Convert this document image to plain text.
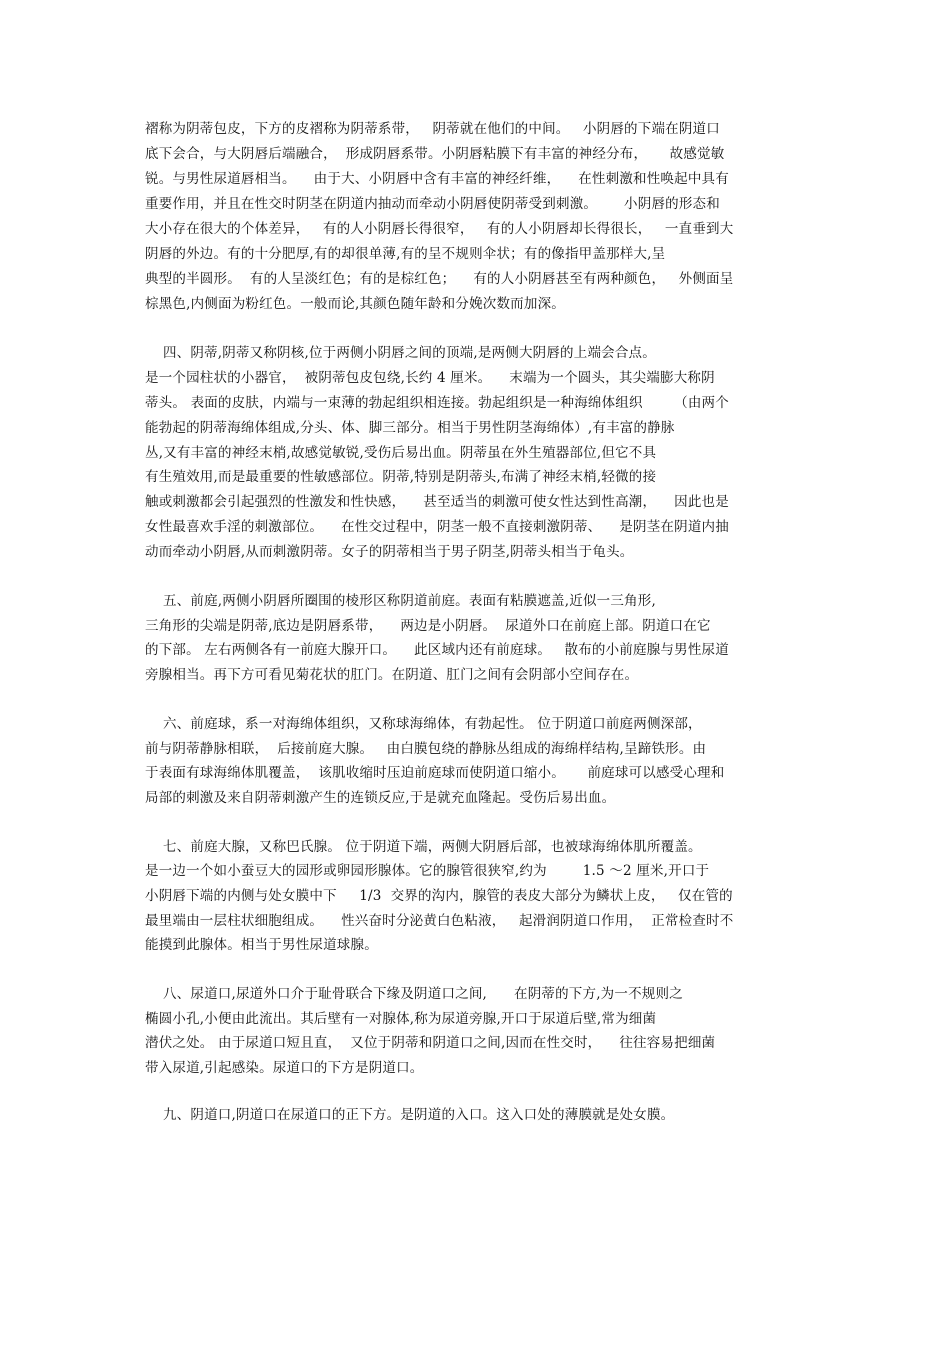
褶称为阴蒂包皮，下方的皮褶称为阴蒂系带，   阴蒂就在他们的中间。   小阴唇的下端在阴道口
底下会合，与大阴唇后端融合，  形成阴唇系带。小阴唇粘膜下有丰富的神经分布，     故感觉敏
锐。与男性尿道唇相当。    由于大、小阴唇中含有丰富的神经纤维，    在性刺激和性唤起中具有
重要作用，并且在性交时阴茎在阴道内抽动而牵动小阴唇使阴蒂受到刺激。      小阴唇的形态和
大小存在很大的个体差异，   有的人小阴唇长得很窄，   有的人小阴唇却长得很长，   一直垂到大
阴唇的外边。有的十分肥厚,有的却很单薄,有的呈不规则伞状；有的像指甲盖那样大,呈
典型的半圆形。  有的人呈淡红色；有的是棕红色；    有的人小阴唇甚至有两种颜色，   外侧面呈
棕黑色,内侧面为粉红色。一般而论,其颜色随年龄和分娩次数而加深。
四、阴蒂,阴蒂又称阴核,位于两侧小阴唇之间的顶端,是两侧大阴唇的上端会合点。
是一个园柱状的小器官，  被阴蒂包皮包绕,长约 4 厘米。    末端为一个圆头，其尖端膨大称阴
蒂头。 表面的皮肤，内端与一束薄的勃起组织相连接。勃起组织是一种海绵体组织       （由两个
能勃起的阴蒂海绵体组成,分头、体、脚三部分。相当于男性阴茎海绵体）,有丰富的静脉
丛,又有丰富的神经末梢,故感觉敏锐,受伤后易出血。阴蒂虽在外生殖器部位,但它不具
有生殖效用,而是最重要的性敏感部位。阴蒂,特别是阴蒂头,布满了神经末梢,轻微的接
触或刺激都会引起强烈的性激发和性快感，    甚至适当的刺激可使女性达到性高潮，    因此也是
女性最喜欢手淫的刺激部位。    在性交过程中，阴茎一般不直接刺激阴蒂、    是阴茎在阴道内抽
动而牵动小阴唇,从而刺激阴蒂。女子的阴蒂相当于男子阴茎,阴蒂头相当于龟头。
五、前庭,两侧小阴唇所圈围的棱形区称阴道前庭。表面有粘膜遮盖,近似一三角形,
三角形的尖端是阴蒂,底边是阴唇系带，    两边是小阴唇。  尿道外口在前庭上部。阴道口在它
的下部。 左右两侧各有一前庭大腺开口。    此区域内还有前庭球。   散布的小前庭腺与男性尿道
旁腺相当。再下方可看见菊花状的肛门。在阴道、肛门之间有会阴部小空间存在。
六、前庭球，系一对海绵体组织，又称球海绵体，有勃起性。 位于阴道口前庭两侧深部，
前与阴蒂静脉相联，  后接前庭大腺。   由白膜包绕的静脉丛组成的海绵样结构,呈蹄铁形。由
于表面有球海绵体肌覆盖，  该肌收缩时压迫前庭球而使阴道口缩小。     前庭球可以感受心理和
局部的刺激及来自阴蒂刺激产生的连锁反应,于是就充血隆起。受伤后易出血。
七、前庭大腺，又称巴氏腺。 位于阴道下端，两侧大阴唇后部，也被球海绵体肌所覆盖。
是一边一个如小蚕豆大的园形或卵园形腺体。它的腺管很狭窄,约为        1.5 ～2 厘米,开口于
小阴唇下端的内侧与处女膜中下     1/3  交界的沟内，腺管的表皮大部分为鳞状上皮，   仅在管的
最里端由一层柱状细胞组成。    性兴奋时分泌黄白色粘液，   起滑润阴道口作用，  正常检查时不
能摸到此腺体。相当于男性尿道球腺。
八、尿道口,尿道外口介于耻骨联合下缘及阴道口之间,      在阴蒂的下方,为一不规则之
椭圆小孔,小便由此流出。其后壁有一对腺体,称为尿道旁腺,开口于尿道后壁,常为细菌
潜伏之处。 由于尿道口短且直，  又位于阴蒂和阴道口之间,因而在性交时，    往往容易把细菌
带入尿道,引起感染。尿道口的下方是阴道口。
九、阴道口,阴道口在尿道口的正下方。是阴道的入口。这入口处的薄膜就是处女膜。
